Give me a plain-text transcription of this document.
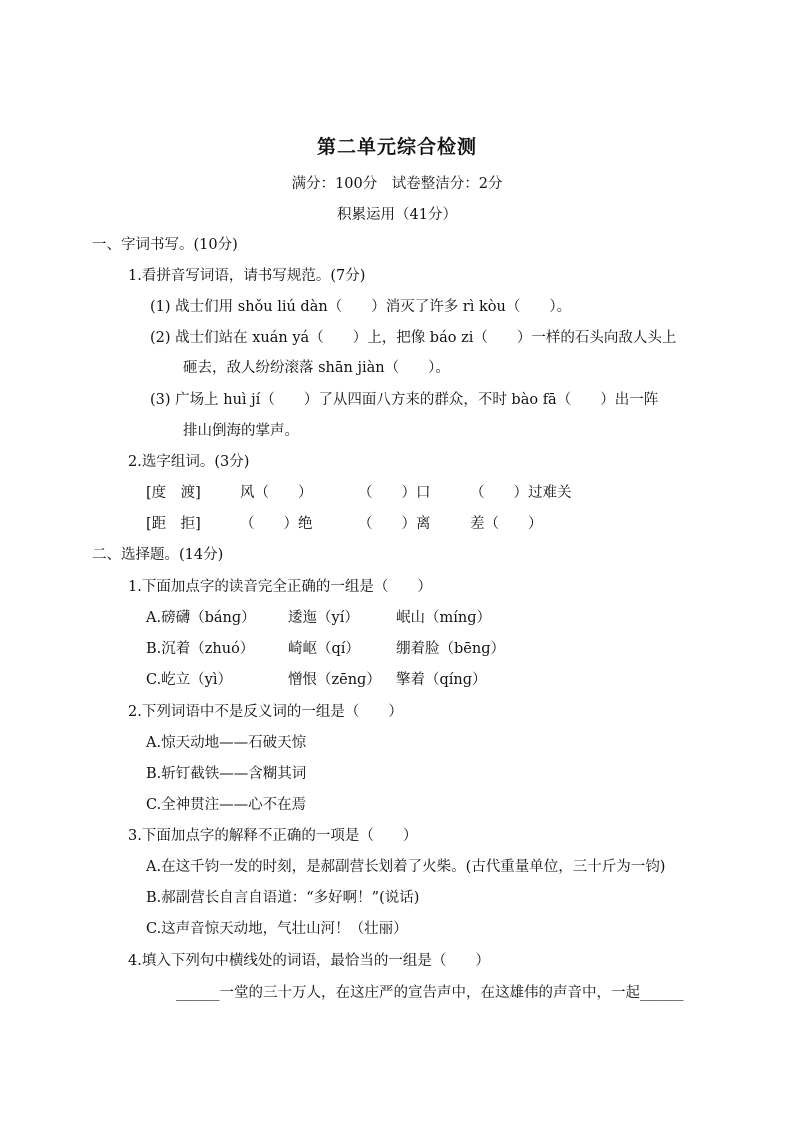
第二单元综合检测
满分：100分　试卷整洁分：2分
积累运用（41分）
一、字词书写。(10分)
1.看拼音写词语，请书写规范。(7分)
(1) 战士们用 shǒu liú dàn（　　）消灭了许多 rì kòu（　　）。
(2) 战士们站在 xuán yá（　　）上，把像 báo zi（　　）一样的石头向敌人头上
砸去，敌人纷纷滚落 shān jiàn（　　）。
(3) 广场上 huì jí（　　）了从四面八方来的群众，不时 bào fā（　　）出一阵
排山倒海的掌声。
2.选字组词。(3分)
[度　渡]	风（　　）	（　　）口	（　　）过难关
[距　拒]	（　　）绝	（　　）离	差（　　）
二、选择题。(14分)
1.下面加点字的读音完全正确的一组是（　　）
A.磅礴（bánɡ） 逶迤（yí）	岷山（mínɡ）
B.沉着（zhuó） 崎岖（qí） 绷着脸（bēnɡ）
C.屹立（yì）	憎恨（zēnɡ） 擎着（qínɡ）
2.下列词语中不是反义词的一组是（　　）
A.惊天动地——石破天惊
B.斩钉截铁——含糊其词
C.全神贯注——心不在焉
3.下面加点字的解释不正确的一项是（　　）
A.在这千钧一发的时刻，是郝副营长划着了火柴。(古代重量单位，三十斤为一钧)
B.郝副营长自言自语道：“多好啊！”(说话)
C.这声音惊天动地，气壮山河！（壮丽）
4.填入下列句中横线处的词语，最恰当的一组是（　　）
______一堂的三十万人，在这庄严的宣告声中，在这雄伟的声音中，一起______
